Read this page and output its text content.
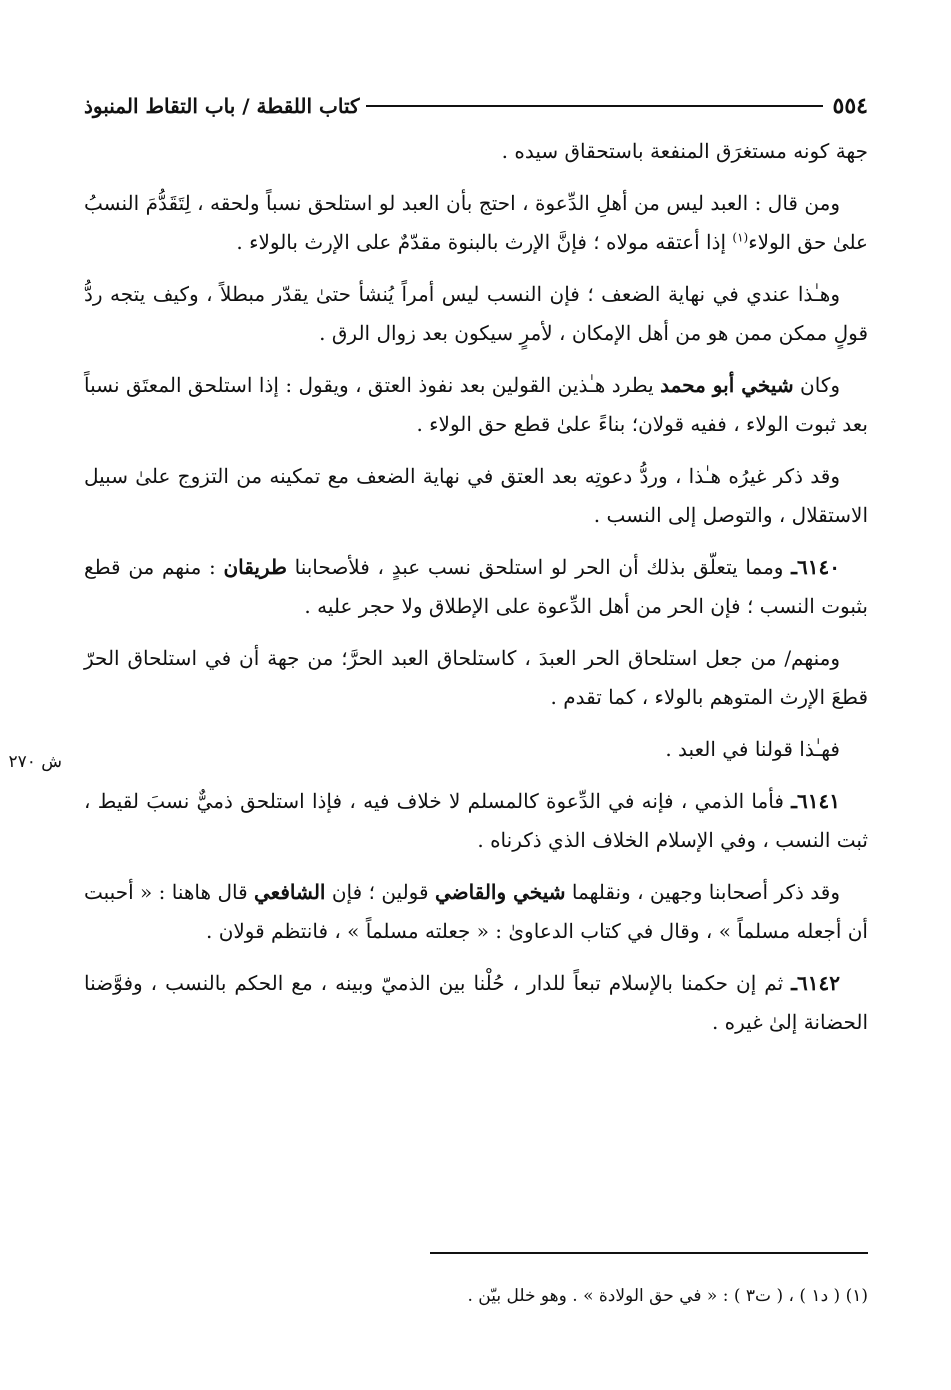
٥٥٤
كتاب اللقطة / باب التقاط المنبوذ
ش ٢٧٠

جهة كونه مستغرَق المنفعة باستحقاق سيده .

ومن قال : العبد ليس من أهلِ الدِّعوة ، احتج بأن العبد لو استلحق نسباً ولحقه ، لِتَقَدُّمَ النسبُ علىٰ حق الولاء$^{(١)}$ إذا أعتقه مولاه ؛ فإنَّ الإرث بالبنوة مقدّمٌ على الإرث بالولاء .

وهـٰذا عندي في نهاية الضعف ؛ فإن النسب ليس أمراً يُنشأ حتىٰ يقدّر مبطلاً ، وكيف يتجه ردُّ قولٍ ممكن ممن هو من أهل الإمكان ، لأمرٍ سيكون بعد زوال الرق .

وكان شيخي أبو محمد يطرد هـٰذين القولين بعد نفوذ العتق ، ويقول : إذا استلحق المعتَق نسباً بعد ثبوت الولاء ، ففيه قولان؛ بناءً علىٰ قطع حق الولاء .

وقد ذكر غيرُه هـٰذا ، وردُّ دعوتِه بعد العتق في نهاية الضعف مع تمكينه من التزوج علىٰ سبيل الاستقلال ، والتوصل إلى النسب .

٦١٤٠ـ ومما يتعلّق بذلك أن الحر لو استلحق نسب عبدٍ ، فلأصحابنا طريقان : منهم من قطع بثبوت النسب ؛ فإن الحر من أهل الدِّعوة على الإطلاق ولا حجر عليه .

ومنهم/ من جعل استلحاق الحر العبدَ ، كاستلحاق العبد الحرَّ؛ من جهة أن في استلحاق الحرّ قطعَ الإرث المتوهم بالولاء ، كما تقدم .

فهـٰذا قولنا في العبد .

٦١٤١ـ فأما الذمي ، فإنه في الدِّعوة كالمسلم لا خلاف فيه ، فإذا استلحق ذميٌّ نسبَ لقيط ، ثبت النسب ، وفي الإسلام الخلاف الذي ذكرناه .

وقد ذكر أصحابنا وجهين ، ونقلهما شيخي والقاضي قولين ؛ فإن الشافعي قال هاهنا : « أحببت أن أجعله مسلماً » ، وقال في كتاب الدعاوىٰ : « جعلته مسلماً » ، فانتظم قولان .

٦١٤٢ـ ثم إن حكمنا بالإسلام تبعاً للدار ، حُلْنا بين الذميّ وبينه ، مع الحكم بالنسب ، وفوَّضنا الحضانة إلىٰ غيره .

(١) ( د١ ) ، ( ت٣ ) : « في حق الولادة » . وهو خلل بيّن .
